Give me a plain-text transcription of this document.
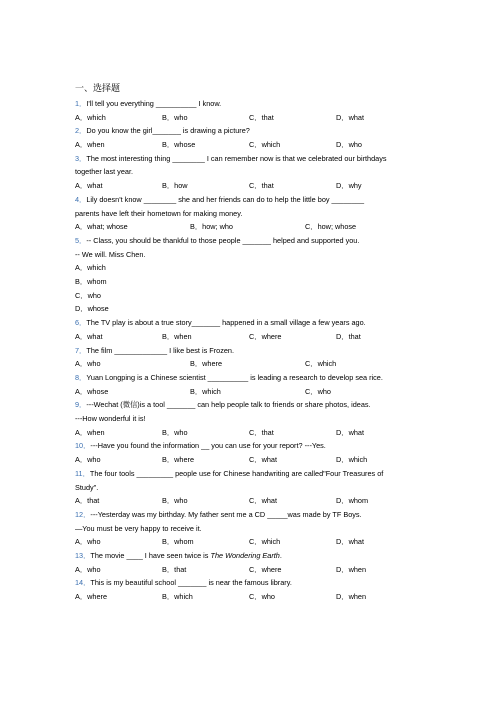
一、选择题
1．I'll tell you everything __________ I know.
A．which	B．who	C．that	D．what
2．Do you know the girl_______ is drawing a picture?
A．when	B．whose	C．which	D．who
3．The most interesting thing ________ I can remember now is that we celebrated our birthdays
together last year.
A．what	B．how	C．that	D．why
4．Lily doesn't know ________ she and her friends can do to help the little boy ________
parents have left their hometown for making money.
A．what; whose	B．how; who	C．how; whose
5．-- Class, you should be thankful to those people _______ helped and supported you.
-- We will. Miss Chen.
A．which
B．whom
C．who
D．whose
6．The TV play is about a true story_______ happened in a small village a few years ago.
A．what	B．when	C．where	D．that
7．The film _____________ I like best is Frozen.
A．who	B．where	C．which
8．Yuan Longping is a Chinese scientist __________ is leading a research to develop sea rice.
A．whose	B．which	C．who
9．---Wechat (微信)is a tool _______ can help people talk to friends or share photos, ideas.
---How wonderful it is!
A．when	B．who	C．that	D．what
10．---Have you found the information __ you can use for your report? ---Yes.
A．who	B．where	C．what	D．which
11．The four tools _________ people use for Chinese handwriting are called"Four Treasures of
Study".
A．that	B．who	C．what	D．whom
12．---Yesterday was my birthday. My father sent me a CD _____was made by TF Boys.
—You must be very happy to receive it.
A．who	B．whom	C．which	D．what
13．The movie ____ I have seen twice is The Wondering Earth.
A．who	B．that	C．where	D．when
14．This is my beautiful school _______ is near the famous library.
A．where	B．which	C．who	D．when
